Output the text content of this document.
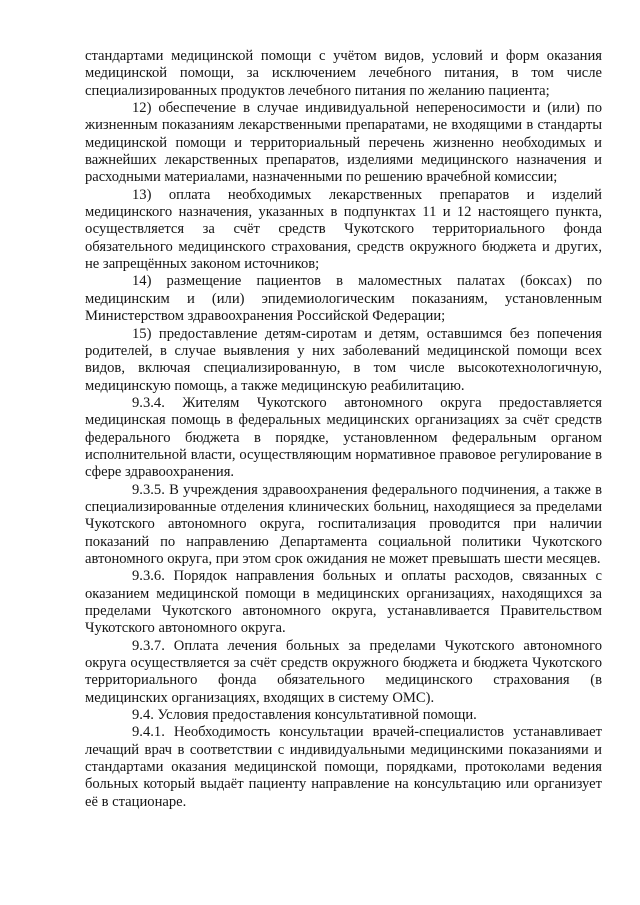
стандартами медицинской помощи с учётом видов, условий и форм оказания медицинской помощи, за исключением лечебного питания, в том числе специализированных продуктов лечебного питания по желанию пациента;

12) обеспечение в случае индивидуальной непереносимости и (или) по жизненным показаниям лекарственными препаратами, не входящими в стандарты медицинской помощи и территориальный перечень жизненно необходимых и важнейших лекарственных препаратов, изделиями медицинского назначения и расходными материалами, назначенными по решению врачебной комиссии;

13) оплата необходимых лекарственных препаратов и изделий медицинского назначения, указанных в подпунктах 11 и 12 настоящего пункта, осуществляется за счёт средств Чукотского территориального фонда обязательного медицинского страхования, средств окружного бюджета и других, не запрещённых законом источников;

14) размещение пациентов в маломестных палатах (боксах) по медицинским и (или) эпидемиологическим показаниям, установленным Министерством здравоохранения Российской Федерации;

15) предоставление детям-сиротам и детям, оставшимся без попечения родителей, в случае выявления у них заболеваний медицинской помощи всех видов, включая специализированную, в том числе высокотехнологичную, медицинскую помощь, а также медицинскую реабилитацию.

9.3.4. Жителям Чукотского автономного округа предоставляется медицинская помощь в федеральных медицинских организациях за счёт средств федерального бюджета в порядке, установленном федеральным органом исполнительной власти, осуществляющим нормативное правовое регулирование в сфере здравоохранения.

9.3.5. В учреждения здравоохранения федерального подчинения, а также в специализированные отделения клинических больниц, находящиеся за пределами Чукотского автономного округа, госпитализация проводится при наличии показаний по направлению Департамента социальной политики Чукотского автономного округа, при этом срок ожидания не может превышать шести месяцев.

9.3.6. Порядок направления больных и оплаты расходов, связанных с оказанием медицинской помощи в медицинских организациях, находящихся за пределами Чукотского автономного округа, устанавливается Правительством Чукотского автономного округа.

9.3.7. Оплата лечения больных за пределами Чукотского автономного округа осуществляется за счёт средств окружного бюджета и бюджета Чукотского территориального фонда обязательного медицинского страхования (в медицинских организациях, входящих в систему ОМС).

9.4. Условия предоставления консультативной помощи.

9.4.1. Необходимость консультации врачей-специалистов устанавливает лечащий врач в соответствии с индивидуальными медицинскими показаниями и стандартами оказания медицинской помощи, порядками, протоколами ведения больных который выдаёт пациенту направление на консультацию или организует её в стационаре.
